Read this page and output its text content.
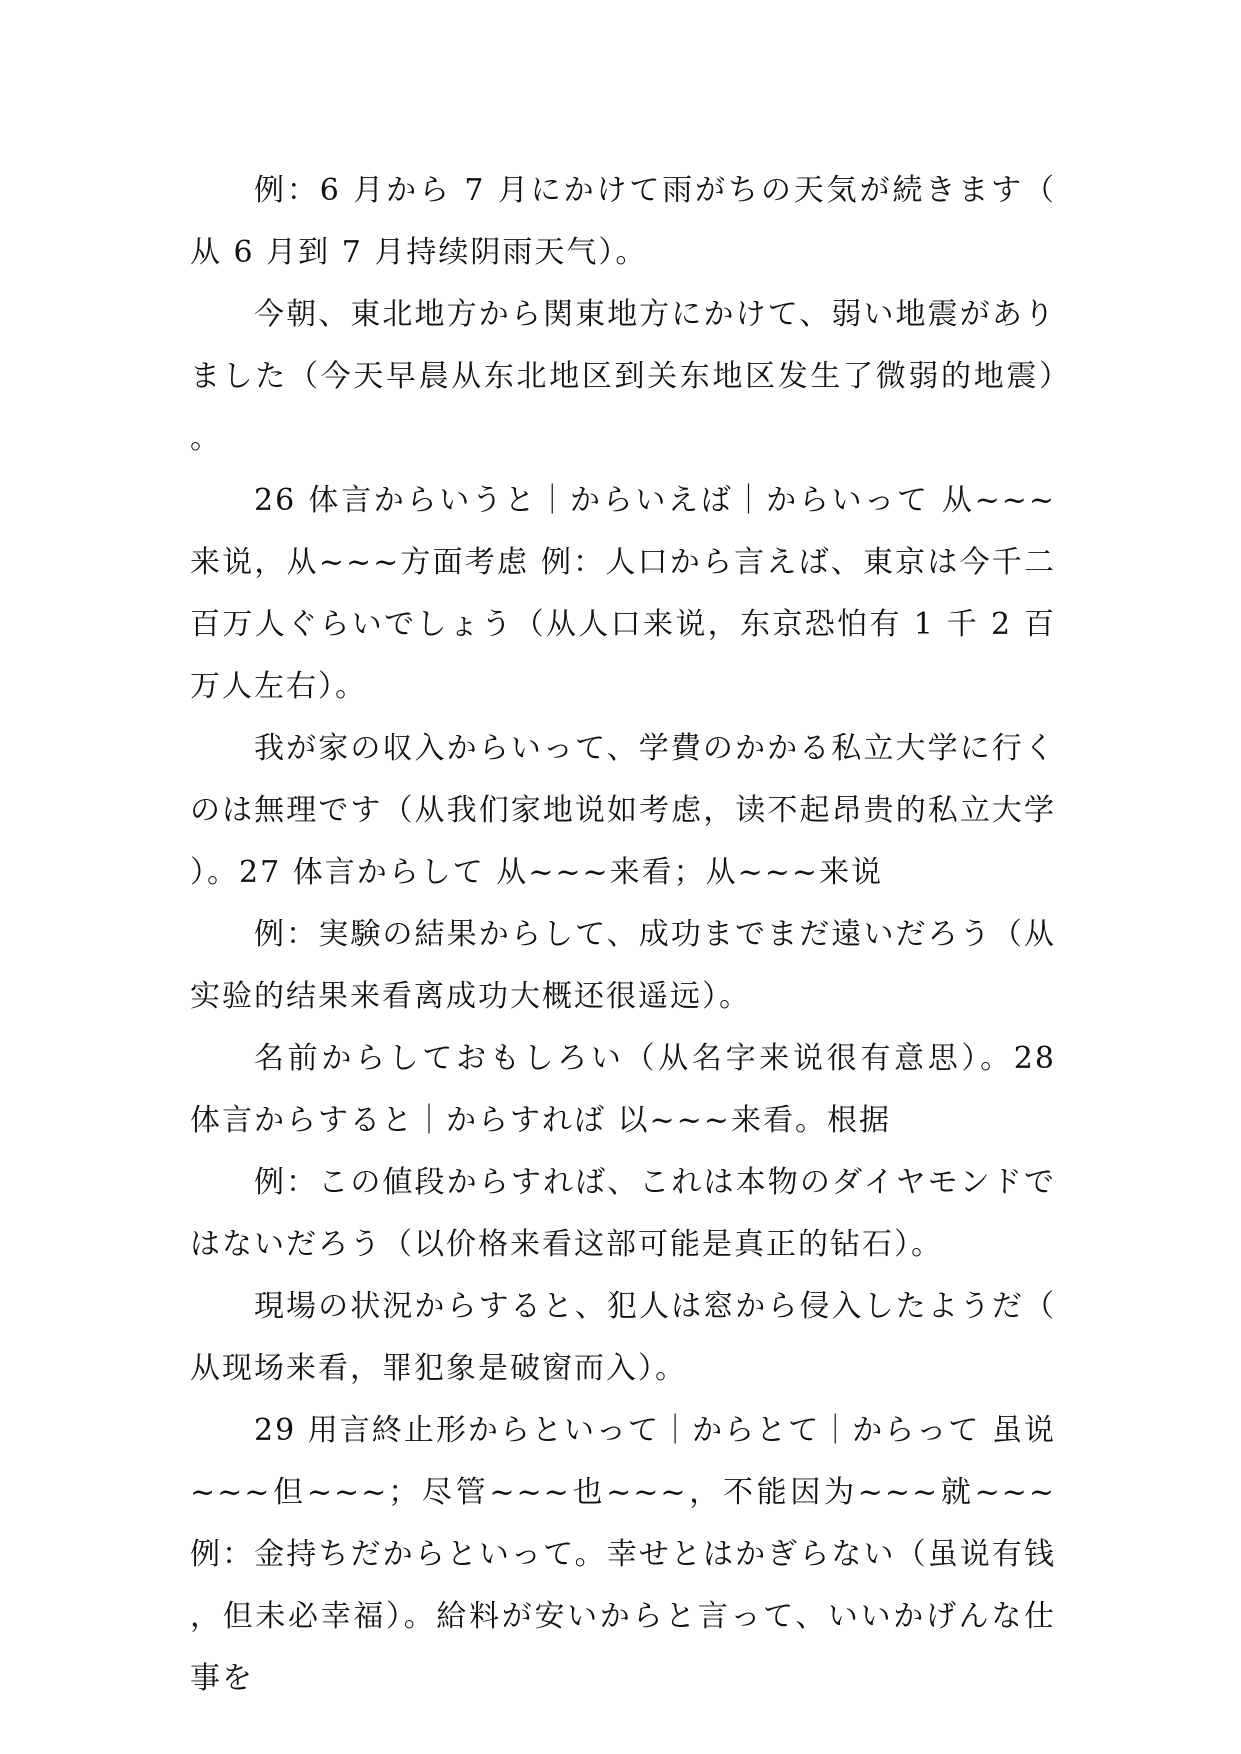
例：6 月から 7 月にかけて雨がちの天気が続きます（从 6 月到 7 月持续阴雨天气）。

今朝、東北地方から関東地方にかけて、弱い地震がありました（今天早晨从东北地区到关东地区发生了微弱的地震）。

26 体言からいうと｜からいえば｜からいって 从~~~来说，从~~~方面考虑 例：人口から言えば、東京は今千二百万人ぐらいでしょう（从人口来说，东京恐怕有 1 千 2 百万人左右）。

我が家の収入からいって、学費のかかる私立大学に行くのは無理です（从我们家地说如考虑，读不起昂贵的私立大学）。27 体言からして 从~~~来看；从~~~来说

例：実験の結果からして、成功までまだ遠いだろう（从实验的结果来看离成功大概还很遥远）。

名前からしておもしろい（从名字来说很有意思）。28 体言からすると｜からすれば 以~~~来看。根据

例：この値段からすれば、これは本物のダイヤモンドではないだろう（以价格来看这部可能是真正的钻石）。

現場の状況からすると、犯人は窓から侵入したようだ（从现场来看，罪犯象是破窗而入）。

29 用言終止形からといって｜からとて｜からって 虽说~~~但~~~；尽管~~~也~~~，不能因为~~~就~~~ 例：金持ちだからといって。幸せとはかぎらない（虽说有钱，但未必幸福）。給料が安いからと言って、いいかげんな仕事を
